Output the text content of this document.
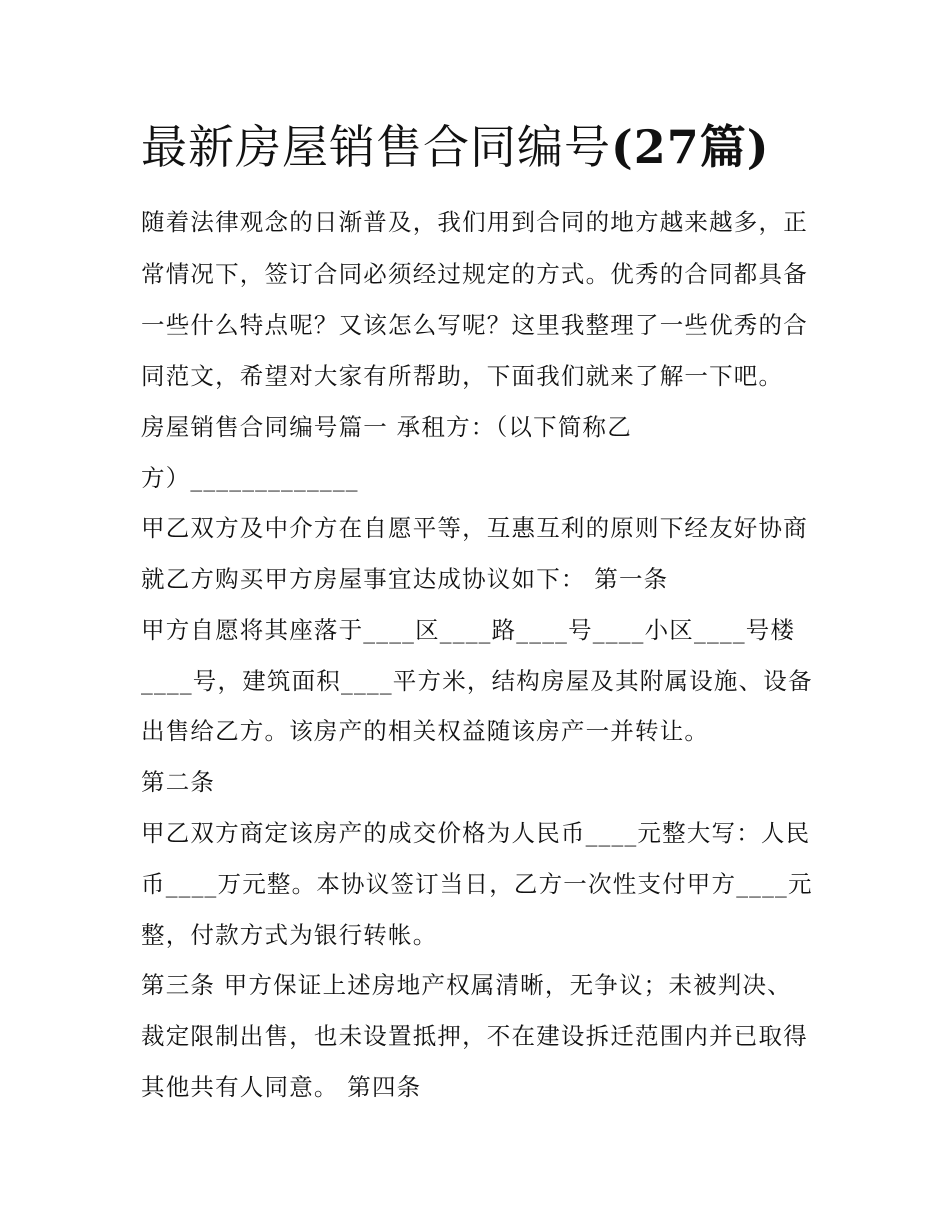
最新房屋销售合同编号(27篇)
随着法律观念的日渐普及，我们用到合同的地方越来越多，正
常情况下，签订合同必须经过规定的方式。优秀的合同都具备
一些什么特点呢？又该怎么写呢？这里我整理了一些优秀的合
同范文，希望对大家有所帮助，下面我们就来了解一下吧。
房屋销售合同编号篇一 承租方：（以下简称乙
方）_____________
甲乙双方及中介方在自愿平等，互惠互利的原则下经友好协商
就乙方购买甲方房屋事宜达成协议如下： 第一条
甲方自愿将其座落于____区____路____号____小区____号楼
____号，建筑面积____平方米，结构房屋及其附属设施、设备
出售给乙方。该房产的相关权益随该房产一并转让。
第二条
甲乙双方商定该房产的成交价格为人民币____元整大写：人民
币____万元整。本协议签订当日，乙方一次性支付甲方____元
整，付款方式为银行转帐。
第三条 甲方保证上述房地产权属清晰，无争议；未被判决、
裁定限制出售，也未设置抵押，不在建设拆迁范围内并已取得
其他共有人同意。 第四条
